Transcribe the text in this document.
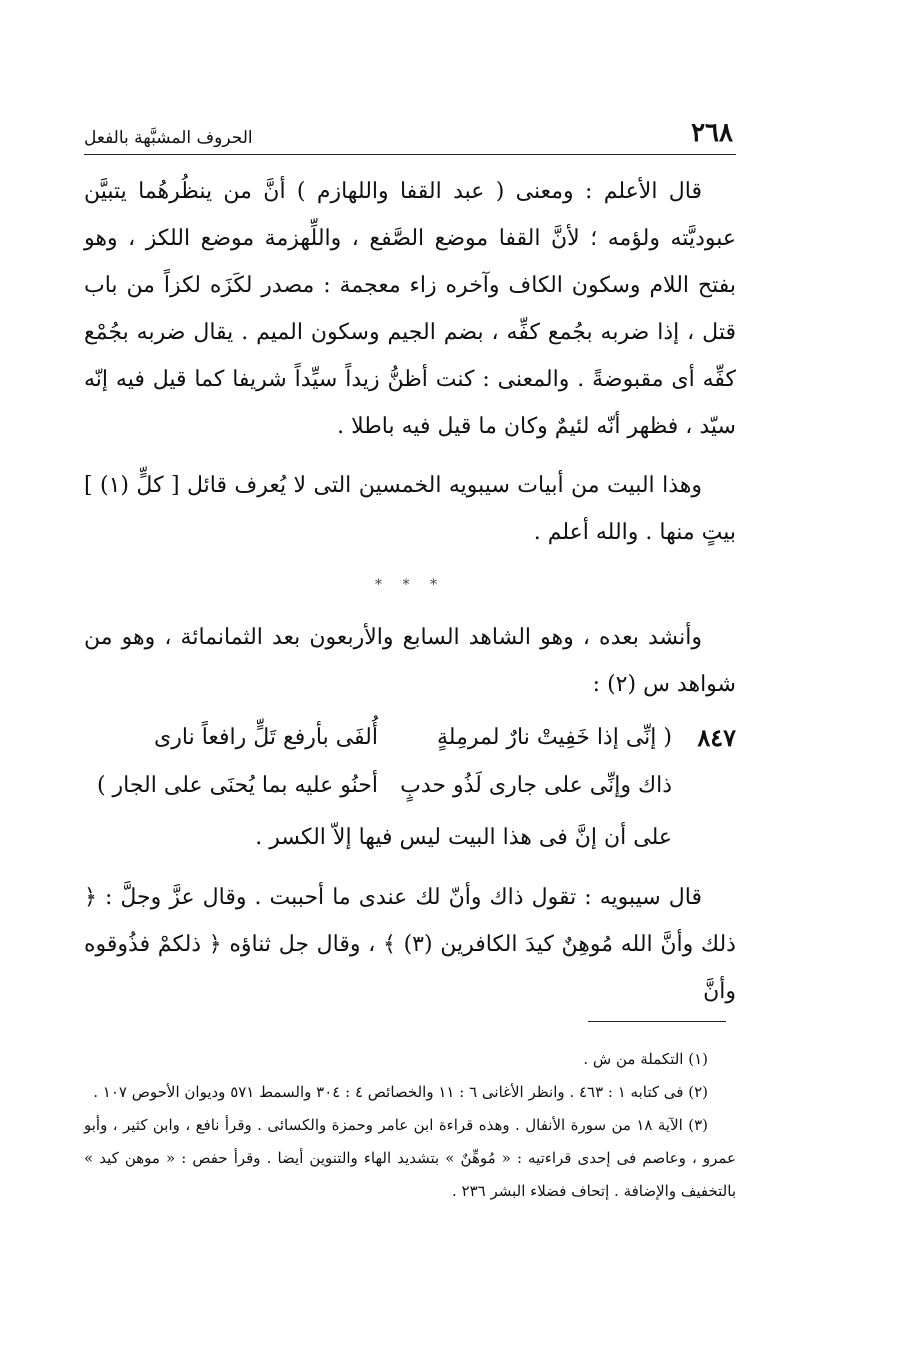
٢٦٨
الحروف المشبَّهة بالفعل

قال الأعلم : ومعنى ( عبد القفا واللهازم ) أنَّ من ينظُرهُما يتبيَّن عبوديَّته ولؤمه ؛ لأنَّ القفا موضع الصَّفع ، واللِّهزمة موضع اللكز ، وهو بفتح اللام وسكون الكاف وآخره زاء معجمة : مصدر لكَزَه لكزاً من باب قتل ، إذا ضربه بجُمع كفِّه ، بضم الجيم وسكون الميم . يقال ضربه بجُمْع كفِّه أى مقبوضةً . والمعنى : كنت أظنُّ زيداً سيِّداً شريفا كما قيل فيه إنّه سيّد ، فظهر أنّه لئيمٌ وكان ما قيل فيه باطلا .

وهذا البيت من أبيات سيبويه الخمسين التى لا يُعرف قائل [ كلٍّ (١) ] بيتٍ منها . والله أعلم .

* * *

وأنشد بعده ، وهو الشاهد السابع والأربعون بعد الثمانمائة ، وهو من شواهد س (٢) :

٨٤٧
( إنِّى إذا خَفِيتْ نارٌ لمرمِلةٍ
أُلفَى بأرفع تَلٍّ رافعاً نارى
ذاك وإنِّى على جارى لَذُو حدبٍ
أحنُو عليه بما يُحنَى على الجار )

على أن إنَّ فى هذا البيت ليس فيها إلاّ الكسر .

قال سيبويه : تقول ذاك وأنّ لك عندى ما أحببت . وقال عزَّ وجلَّ : ﴿ ذلك وأنَّ الله مُوهِنٌ كيدَ الكافرين (٣) ﴾ ، وقال جل ثناؤه ﴿ ذلكمْ فذُوقوه وأنَّ

(١) التكملة من ش .

(٢) فى كتابه ١ : ٤٦٣ . وانظر الأغانى ٦ : ١١ والخصائص ٤ : ٣٠٤ والسمط ٥٧١ وديوان الأحوص ١٠٧ .

(٣) الآية ١٨ من سورة الأنفال . وهذه قراءة ابن عامر وحمزة والكسائى . وقرأ نافع ، وابن كثير ، وأبو عمرو ، وعاصم فى إحدى قراءتيه : « مُوهِّنٌ » بتشديد الهاء والتنوين أيضا . وقرأ حفص : « موهن كيد » بالتخفيف والإضافة . إتحاف فضلاء البشر ٢٣٦ .
